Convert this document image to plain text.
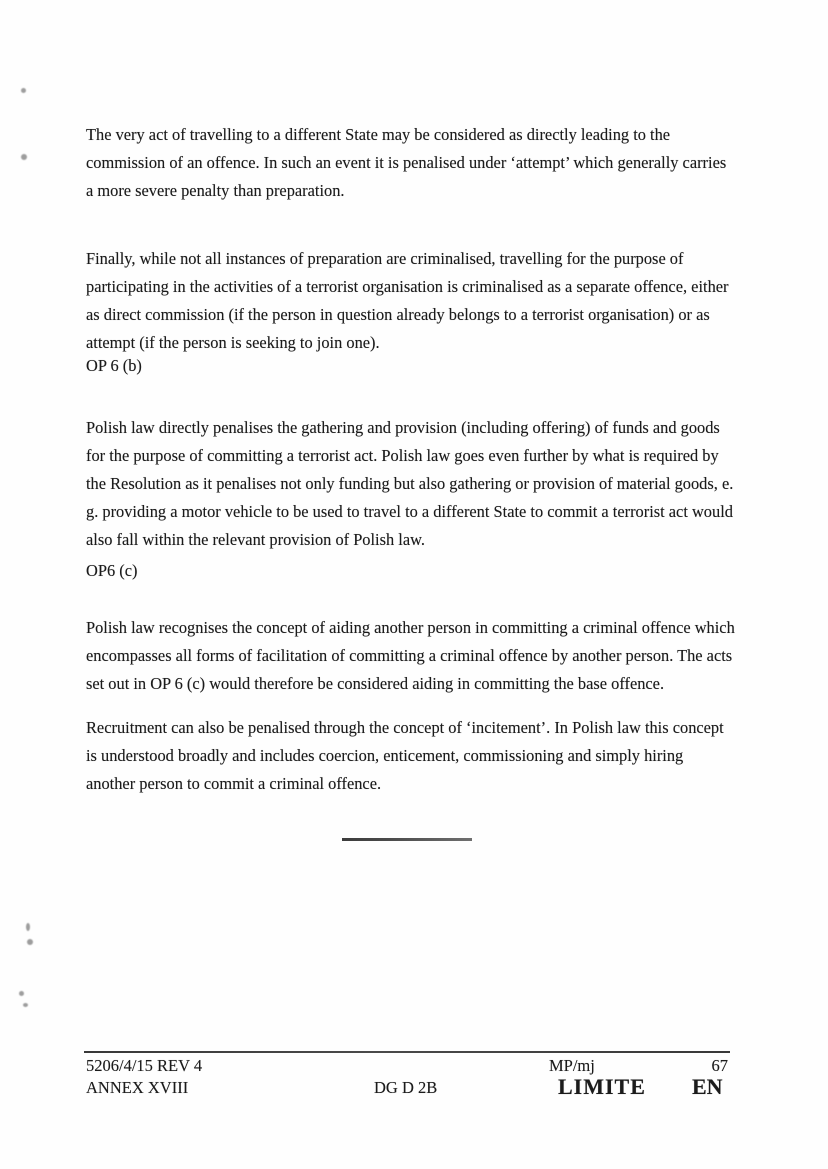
The very act of travelling to a different State may be considered as directly leading to the commission of an offence. In such an event it is penalised under ‘attempt’ which generally carries a more severe penalty than preparation.

Finally, while not all instances of preparation are criminalised, travelling for the purpose of participating in the activities of a terrorist organisation is criminalised as a separate offence, either as direct commission (if the person in question already belongs to a terrorist organisation) or as attempt (if the person is seeking to join one).

OP 6 (b)

Polish law directly penalises the gathering and provision (including offering) of funds and goods for the purpose of committing a terrorist act. Polish law goes even further by what is required by the Resolution as it penalises not only funding but also gathering or provision of material goods, e. g. providing a motor vehicle to be used to travel to a different State to commit a terrorist act would also fall within the relevant provision of Polish law.

OP6 (c)

Polish law recognises the concept of aiding another person in committing a criminal offence which encompasses all forms of facilitation of committing a criminal offence by another person. The acts set out in OP 6 (c) would therefore be considered aiding in committing the base offence.

Recruitment can also be penalised through the concept of ‘incitement’. In Polish law this concept is understood broadly and includes coercion, enticement, commissioning and simply hiring another person to commit a criminal offence.

5206/4/15 REV 4
ANNEX XVIII	DG D 2B
MP/mj	67
LIMITE EN
